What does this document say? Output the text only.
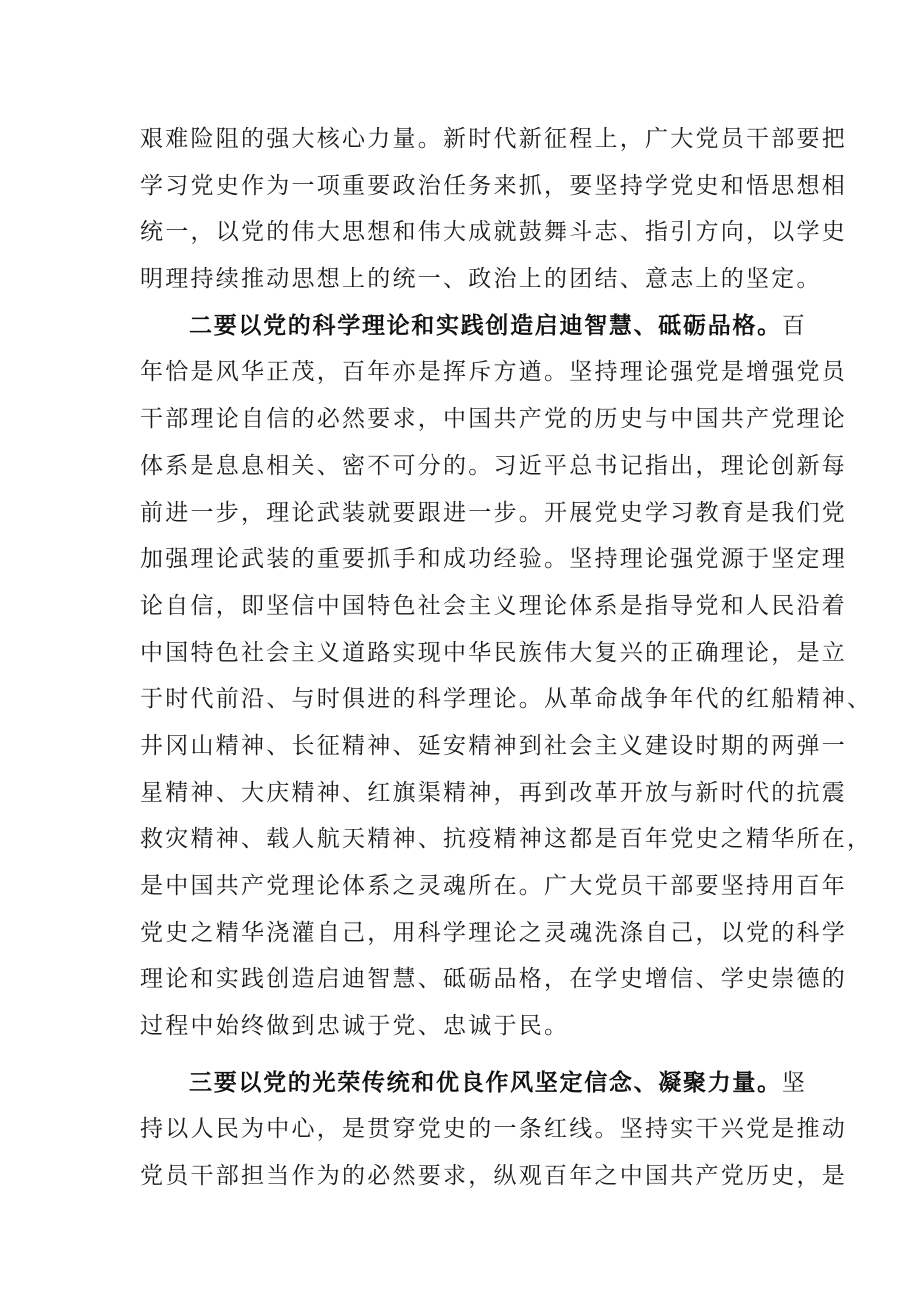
艰难险阻的强大核心力量。新时代新征程上，广大党员干部要把
学习党史作为一项重要政治任务来抓，要坚持学党史和悟思想相
统一，以党的伟大思想和伟大成就鼓舞斗志、指引方向，以学史
明理持续推动思想上的统一、政治上的团结、意志上的坚定。
二要以党的科学理论和实践创造启迪智慧、砥砺品格。百
年恰是风华正茂，百年亦是挥斥方遒。坚持理论强党是增强党员
干部理论自信的必然要求，中国共产党的历史与中国共产党理论
体系是息息相关、密不可分的。习近平总书记指出，理论创新每
前进一步，理论武装就要跟进一步。开展党史学习教育是我们党
加强理论武装的重要抓手和成功经验。坚持理论强党源于坚定理
论自信，即坚信中国特色社会主义理论体系是指导党和人民沿着
中国特色社会主义道路实现中华民族伟大复兴的正确理论，是立
于时代前沿、与时俱进的科学理论。从革命战争年代的红船精神、
井冈山精神、长征精神、延安精神到社会主义建设时期的两弹一
星精神、大庆精神、红旗渠精神，再到改革开放与新时代的抗震
救灾精神、载人航天精神、抗疫精神这都是百年党史之精华所在，
是中国共产党理论体系之灵魂所在。广大党员干部要坚持用百年
党史之精华浇灌自己，用科学理论之灵魂洗涤自己，以党的科学
理论和实践创造启迪智慧、砥砺品格，在学史增信、学史崇德的
过程中始终做到忠诚于党、忠诚于民。
三要以党的光荣传统和优良作风坚定信念、凝聚力量。坚
持以人民为中心，是贯穿党史的一条红线。坚持实干兴党是推动
党员干部担当作为的必然要求，纵观百年之中国共产党历史，是
